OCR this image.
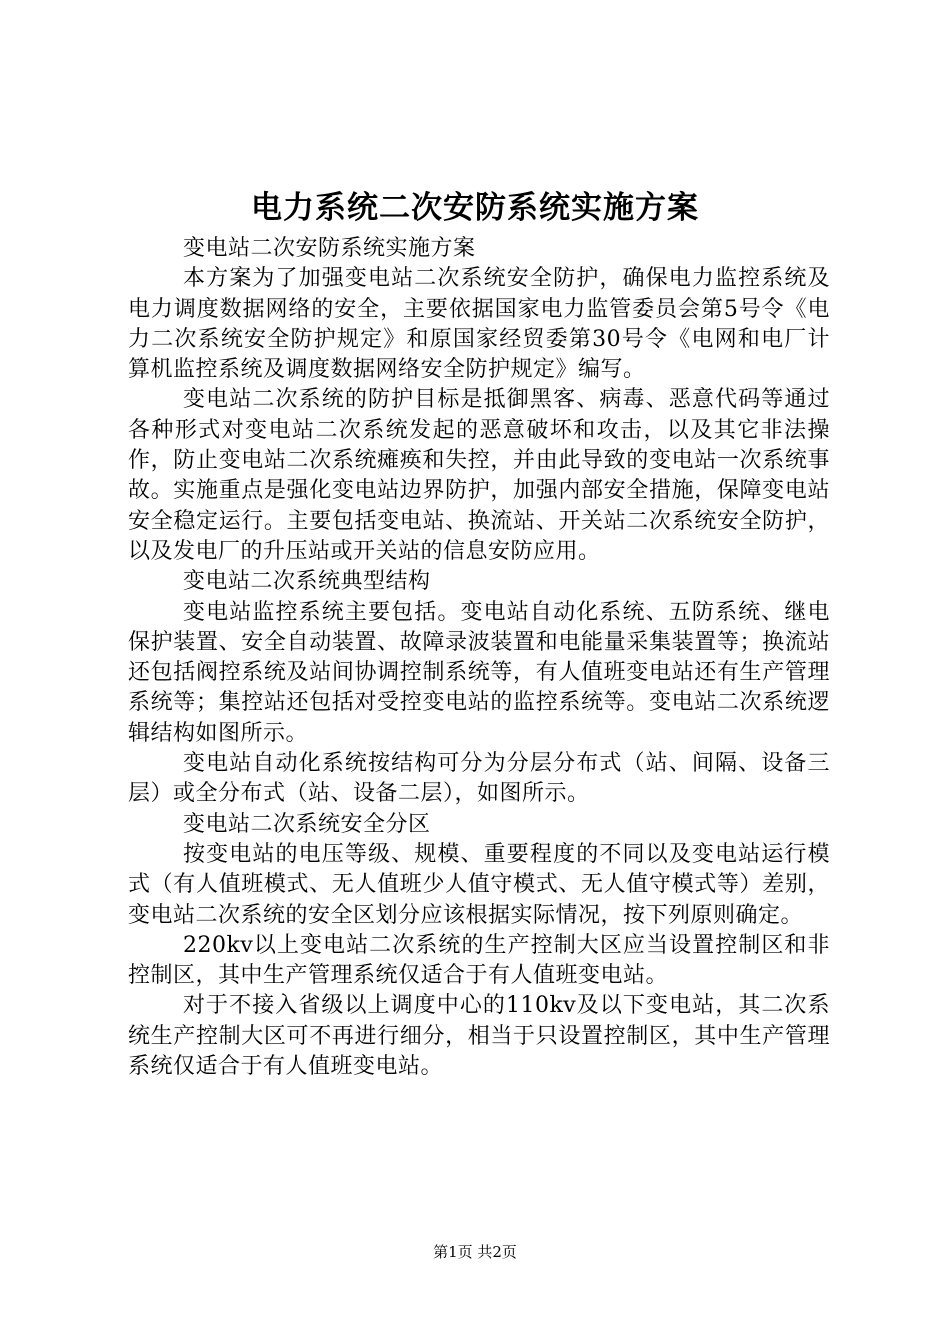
电力系统二次安防系统实施方案

变电站二次安防系统实施方案

本方案为了加强变电站二次系统安全防护，确保电力监控系统及电力调度数据网络的安全，主要依据国家电力监管委员会第5号令《电力二次系统安全防护规定》和原国家经贸委第30号令《电网和电厂计算机监控系统及调度数据网络安全防护规定》编写。

变电站二次系统的防护目标是抵御黑客、病毒、恶意代码等通过各种形式对变电站二次系统发起的恶意破坏和攻击，以及其它非法操作，防止变电站二次系统瘫痪和失控，并由此导致的变电站一次系统事故。实施重点是强化变电站边界防护，加强内部安全措施，保障变电站安全稳定运行。主要包括变电站、换流站、开关站二次系统安全防护，以及发电厂的升压站或开关站的信息安防应用。

变电站二次系统典型结构

变电站监控系统主要包括。变电站自动化系统、五防系统、继电保护装置、安全自动装置、故障录波装置和电能量采集装置等；换流站还包括阀控系统及站间协调控制系统等，有人值班变电站还有生产管理系统等；集控站还包括对受控变电站的监控系统等。变电站二次系统逻辑结构如图所示。

变电站自动化系统按结构可分为分层分布式（站、间隔、设备三层）或全分布式（站、设备二层），如图所示。

变电站二次系统安全分区

按变电站的电压等级、规模、重要程度的不同以及变电站运行模式（有人值班模式、无人值班少人值守模式、无人值守模式等）差别，变电站二次系统的安全区划分应该根据实际情况，按下列原则确定。

220kv以上变电站二次系统的生产控制大区应当设置控制区和非控制区，其中生产管理系统仅适合于有人值班变电站。

对于不接入省级以上调度中心的110kv及以下变电站，其二次系统生产控制大区可不再进行细分，相当于只设置控制区，其中生产管理系统仅适合于有人值班变电站。

第1页 共2页
